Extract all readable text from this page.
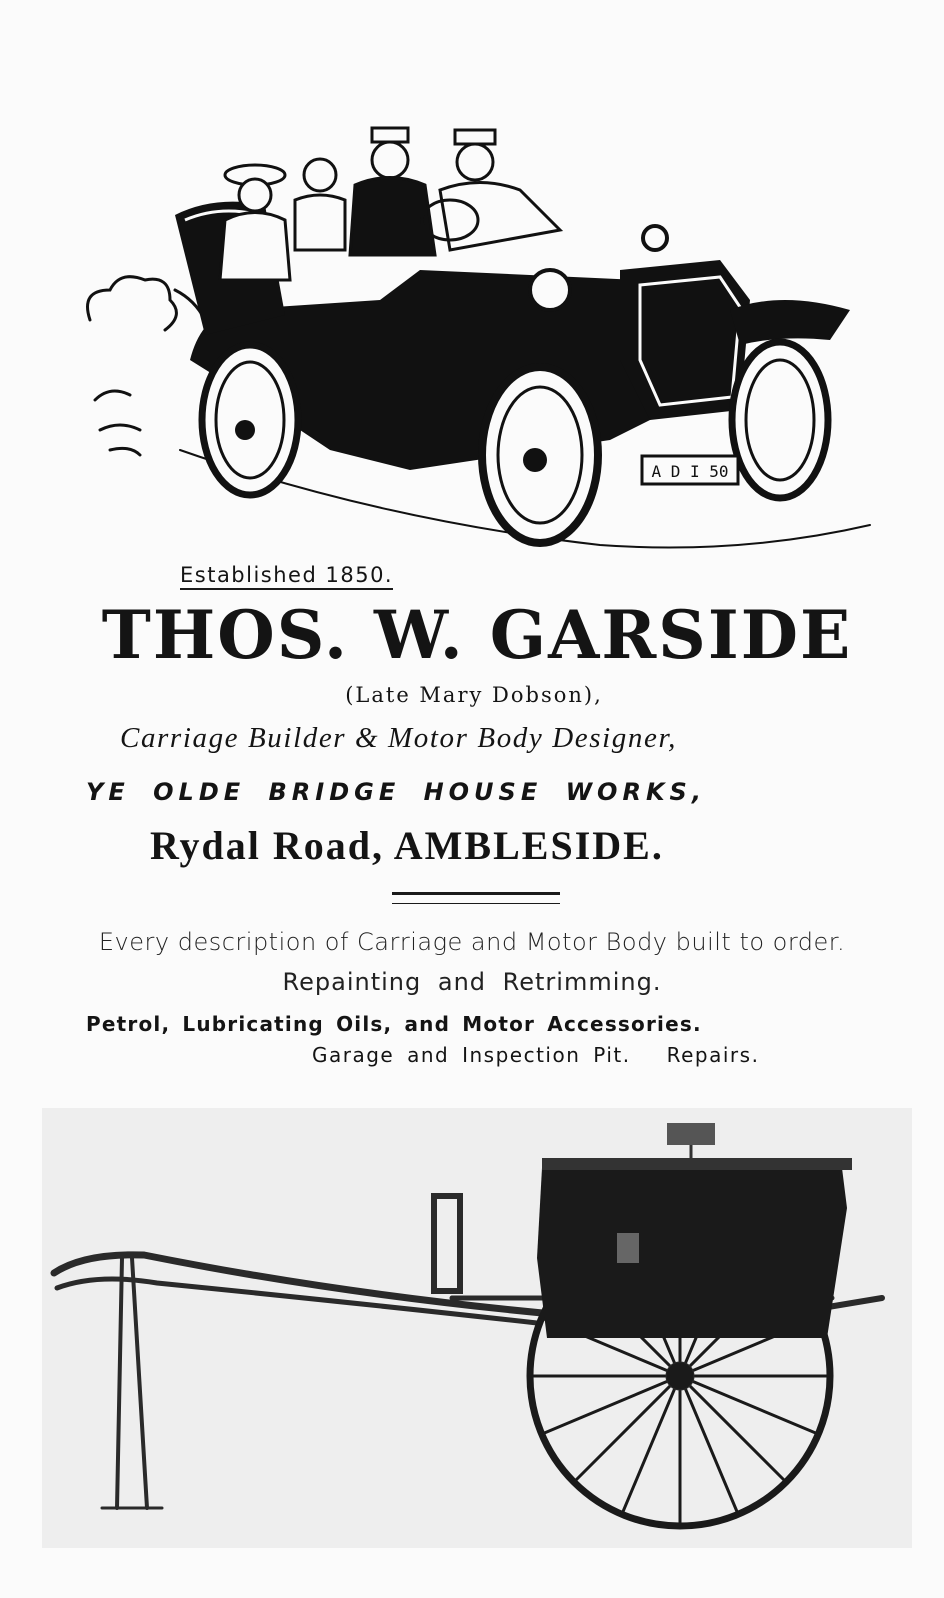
A D I 50
Established 1850.
THOS. W. GARSIDE
(Late Mary Dobson),
Carriage Builder & Motor Body Designer,
YE OLDE BRIDGE HOUSE WORKS,
Rydal Road, AMBLESIDE.
Every description of Carriage and Motor Body built to order.
Repainting and Retrimming.
Petrol, Lubricating Oils, and Motor Accessories.
Garage and Inspection Pit. Repairs.
